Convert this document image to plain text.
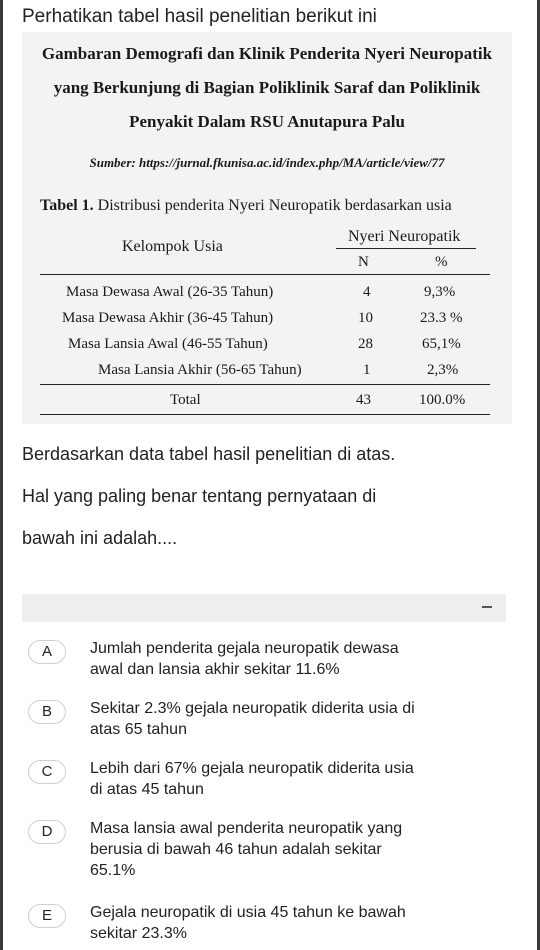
Perhatikan tabel hasil penelitian berikut ini
Gambaran Demografi dan Klinik Penderita Nyeri Neuropatik
yang Berkunjung di Bagian Poliklinik Saraf dan Poliklinik
Penyakit Dalam RSU Anutapura Palu
Sumber: https://jurnal.fkunisa.ac.id/index.php/MA/article/view/77
Tabel 1. Distribusi penderita Nyeri Neuropatik berdasarkan usia
Kelompok Usia
Nyeri Neuropatik
N	%
Masa Dewasa Awal (26-35 Tahun)	4	9,3%
Masa Dewasa Akhir (36-45 Tahun)	10	23.3 %
Masa Lansia Awal (46-55 Tahun)	28	65,1%
Masa Lansia Akhir (56-65 Tahun)	1	2,3%
Total	43	100.0%
Berdasarkan data tabel hasil penelitian di atas.
Hal yang paling benar tentang pernyataan di
bawah ini adalah....
A	Jumlah penderita gejala neuropatik dewasa
awal dan lansia akhir sekitar 11.6%
B	Sekitar 2.3% gejala neuropatik diderita usia di
atas 65 tahun
C	Lebih dari 67% gejala neuropatik diderita usia
di atas 45 tahun
D	Masa lansia awal penderita neuropatik yang
berusia di bawah 46 tahun adalah sekitar
65.1%
E	Gejala neuropatik di usia 45 tahun ke bawah
sekitar 23.3%
